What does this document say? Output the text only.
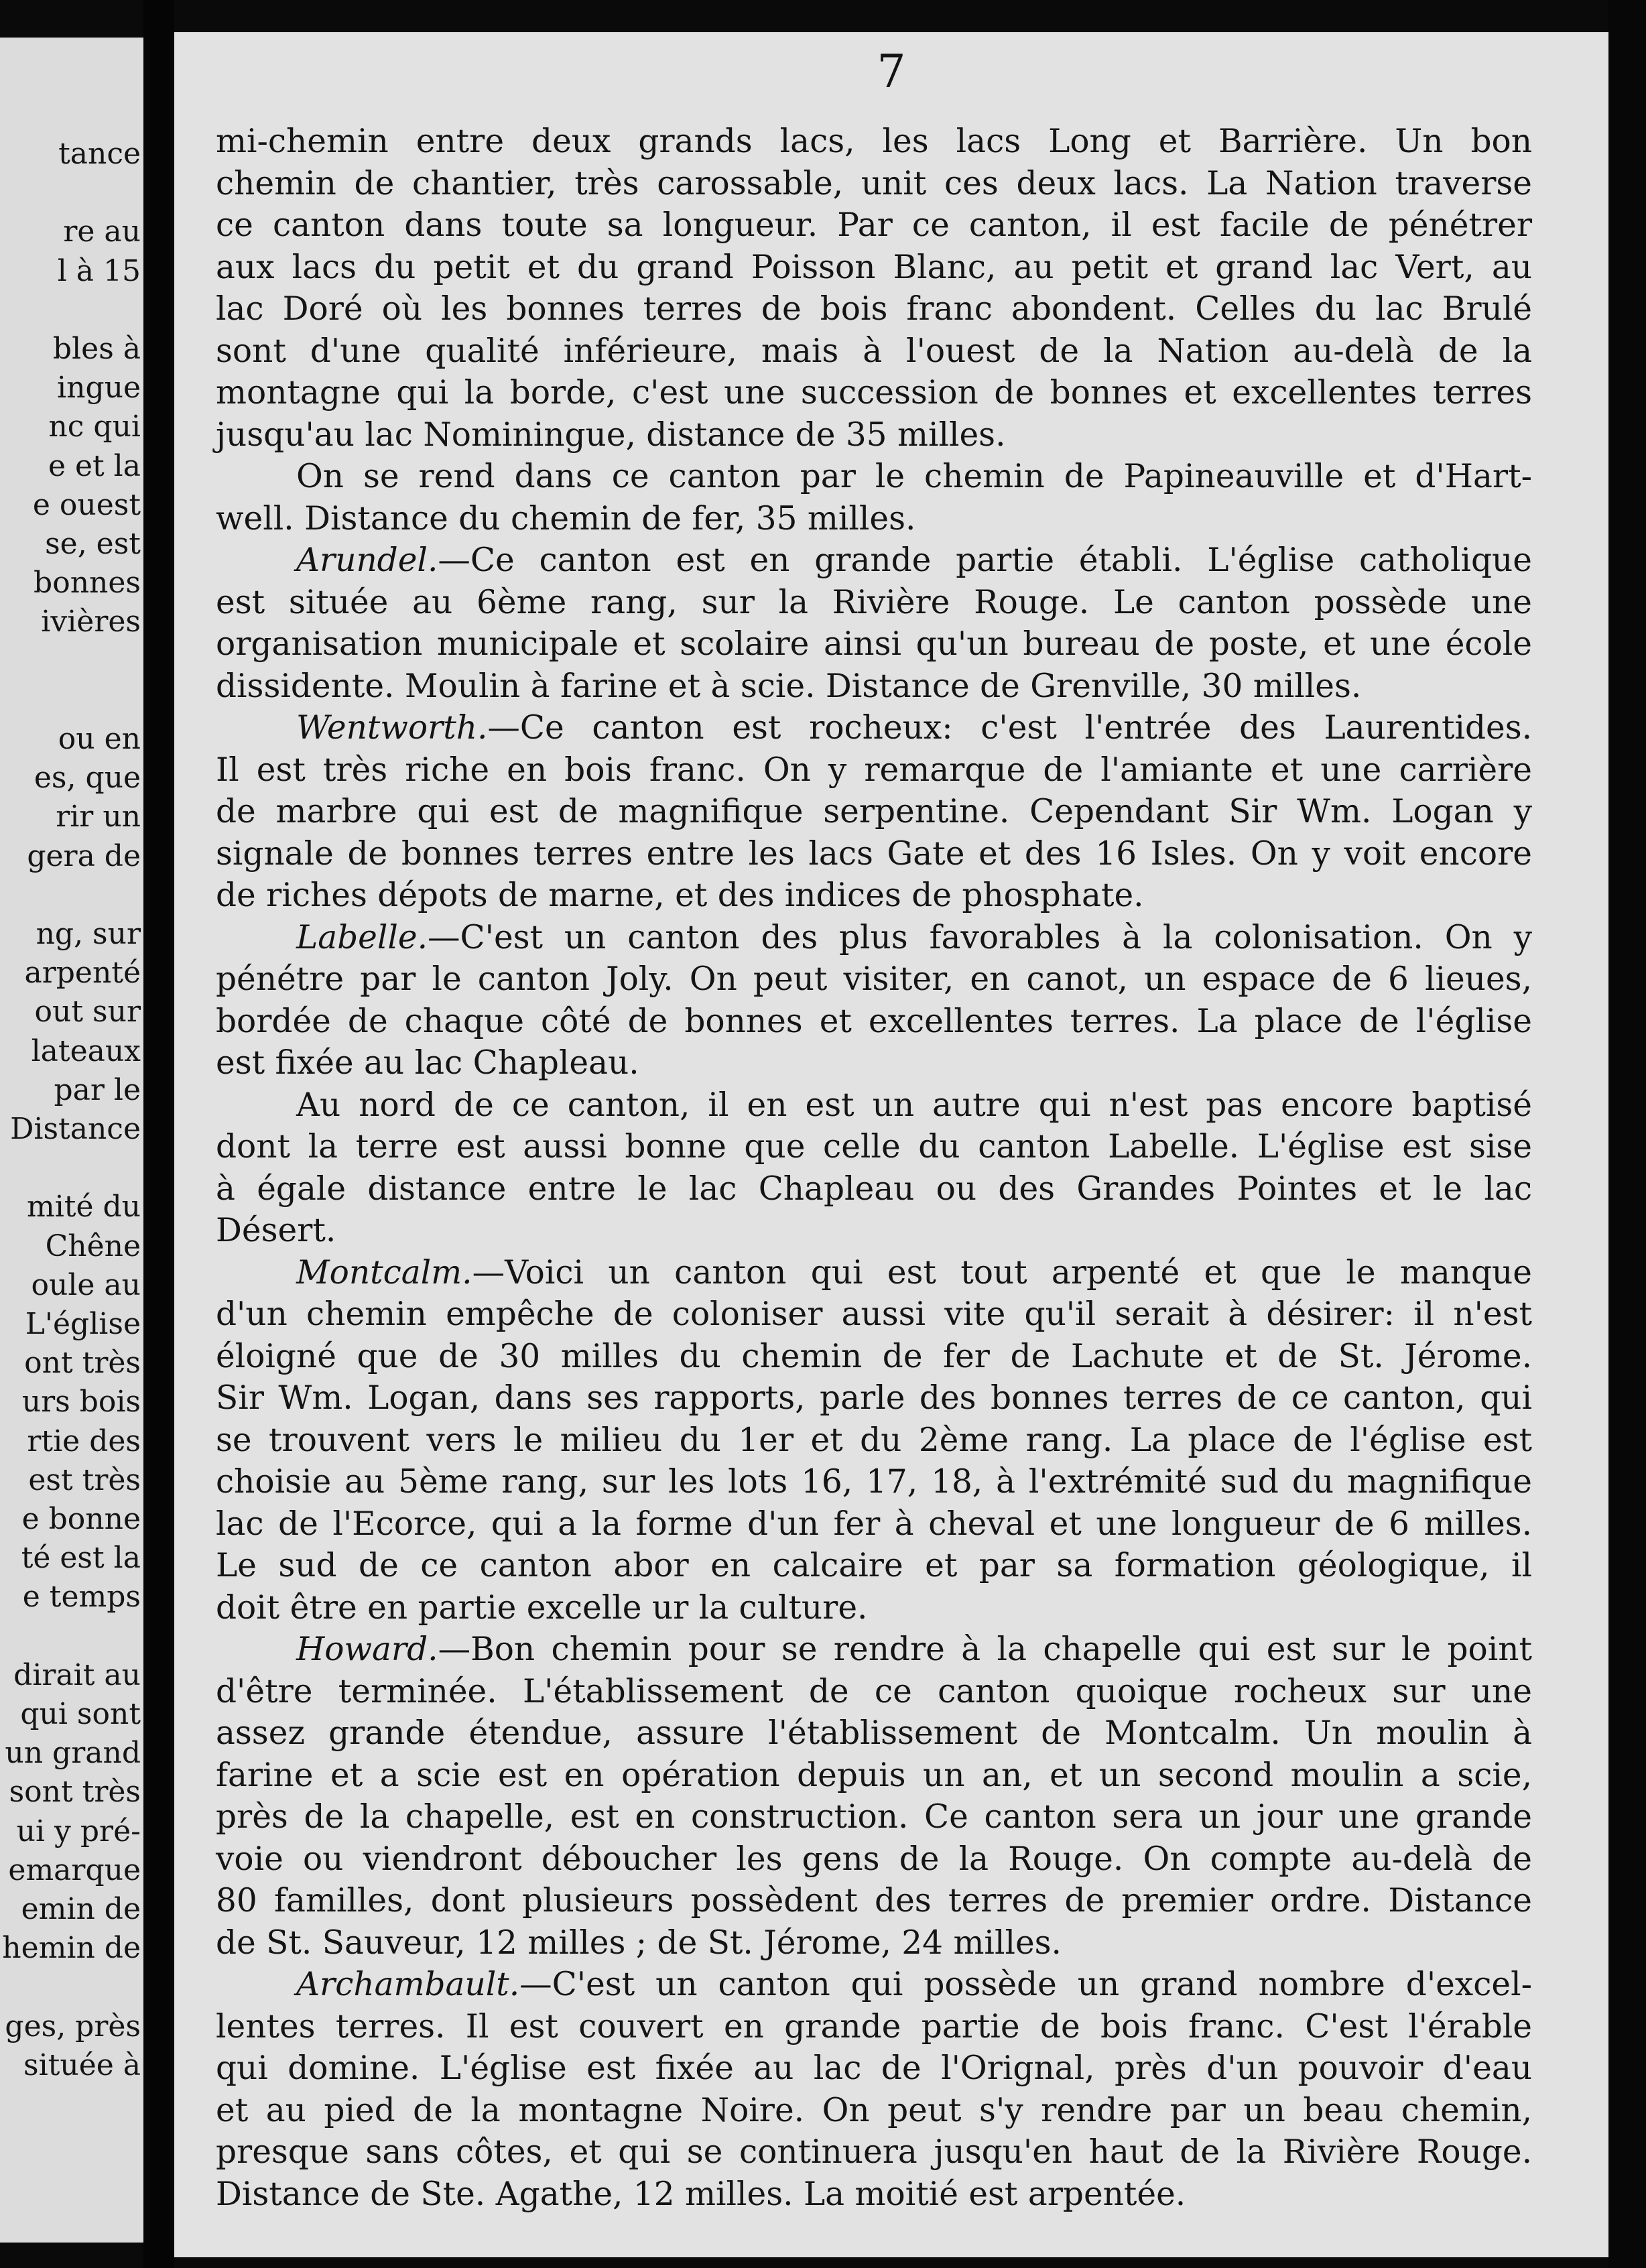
tance
re au
l à 15
bles à
ingue
nc qui
e et la
e ouest
se, est
bonnes
ivières
ou en
es, que
rir un
gera de
ng, sur
arpenté
out sur
lateaux
par le
Distance
mité du
Chêne
oule au
L'église
ont très
urs bois
rtie des
est très
e bonne
té est la
e temps
dirait au
qui sont
un grand
sont très
ui y pré-
emarque
emin de
hemin de
ges, près
située à
7
mi-chemin entre deux grands lacs, les lacs Long et Barrière. Un bon
chemin de chantier, très carossable, unit ces deux lacs. La Nation traverse
ce canton dans toute sa longueur. Par ce canton, il est facile de pénétrer
aux lacs du petit et du grand Poisson Blanc, au petit et grand lac Vert, au
lac Doré où les bonnes terres de bois franc abondent. Celles du lac Brulé
sont d'une qualité inférieure, mais à l'ouest de la Nation au-delà de la
montagne qui la borde, c'est une succession de bonnes et excellentes terres
jusqu'au lac Nominingue, distance de 35 milles.
On se rend dans ce canton par le chemin de Papineauville et d'Hart-
well. Distance du chemin de fer, 35 milles.
Arundel.—Ce canton est en grande partie établi. L'église catholique
est située au 6ème rang, sur la Rivière Rouge. Le canton possède une
organisation municipale et scolaire ainsi qu'un bureau de poste, et une école
dissidente. Moulin à farine et à scie. Distance de Grenville, 30 milles.
Wentworth.—Ce canton est rocheux: c'est l'entrée des Laurentides.
Il est très riche en bois franc. On y remarque de l'amiante et une carrière
de marbre qui est de magnifique serpentine. Cependant Sir Wm. Logan y
signale de bonnes terres entre les lacs Gate et des 16 Isles. On y voit encore
de riches dépots de marne, et des indices de phosphate.
Labelle.—C'est un canton des plus favorables à la colonisation. On y
pénétre par le canton Joly. On peut visiter, en canot, un espace de 6 lieues,
bordée de chaque côté de bonnes et excellentes terres. La place de l'église
est fixée au lac Chapleau.
Au nord de ce canton, il en est un autre qui n'est pas encore baptisé
dont la terre est aussi bonne que celle du canton Labelle. L'église est sise
à égale distance entre le lac Chapleau ou des Grandes Pointes et le lac
Désert.
Montcalm.—Voici un canton qui est tout arpenté et que le manque
d'un chemin empêche de coloniser aussi vite qu'il serait à désirer: il n'est
éloigné que de 30 milles du chemin de fer de Lachute et de St. Jérome.
Sir Wm. Logan, dans ses rapports, parle des bonnes terres de ce canton, qui
se trouvent vers le milieu du 1er et du 2ème rang. La place de l'église est
choisie au 5ème rang, sur les lots 16, 17, 18, à l'extrémité sud du magnifique
lac de l'Ecorce, qui a la forme d'un fer à cheval et une longueur de 6 milles.
Le sud de ce canton abor en calcaire et par sa formation géologique, il
doit être en partie excelle ur la culture.
Howard.—Bon chemin pour se rendre à la chapelle qui est sur le point
d'être terminée. L'établissement de ce canton quoique rocheux sur une
assez grande étendue, assure l'établissement de Montcalm. Un moulin à
farine et a scie est en opération depuis un an, et un second moulin a scie,
près de la chapelle, est en construction. Ce canton sera un jour une grande
voie ou viendront déboucher les gens de la Rouge. On compte au-delà de
80 familles, dont plusieurs possèdent des terres de premier ordre. Distance
de St. Sauveur, 12 milles ; de St. Jérome, 24 milles.
Archambault.—C'est un canton qui possède un grand nombre d'excel-
lentes terres. Il est couvert en grande partie de bois franc. C'est l'érable
qui domine. L'église est fixée au lac de l'Orignal, près d'un pouvoir d'eau
et au pied de la montagne Noire. On peut s'y rendre par un beau chemin,
presque sans côtes, et qui se continuera jusqu'en haut de la Rivière Rouge.
Distance de Ste. Agathe, 12 milles. La moitié est arpentée.
